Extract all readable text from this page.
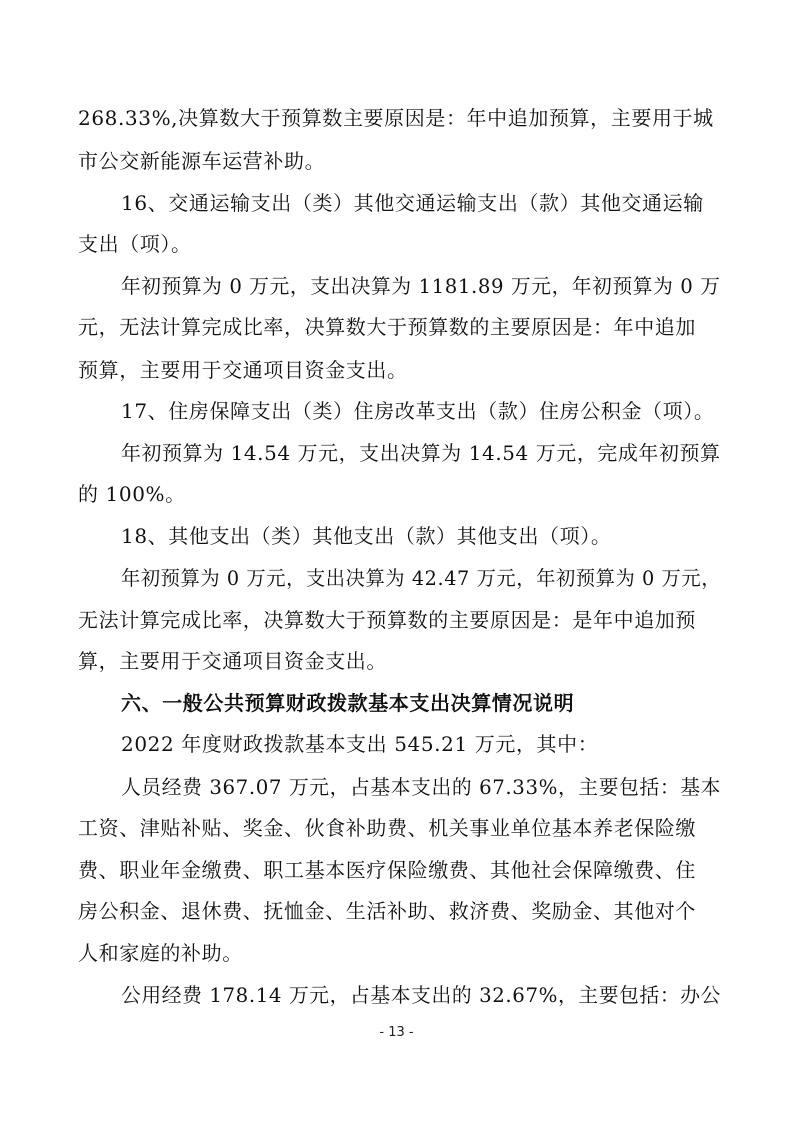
268.33%,决算数大于预算数主要原因是：年中追加预算，主要用于城
市公交新能源车运营补助。
16、交通运输支出（类）其他交通运输支出（款）其他交通运输
支出（项）。
年初预算为 0 万元，支出决算为 1181.89 万元，年初预算为 0 万
元，无法计算完成比率，决算数大于预算数的主要原因是：年中追加
预算，主要用于交通项目资金支出。
17、住房保障支出（类）住房改革支出（款）住房公积金（项）。
年初预算为 14.54 万元，支出决算为 14.54 万元，完成年初预算
的 100%。
18、其他支出（类）其他支出（款）其他支出（项）。
年初预算为 0 万元，支出决算为 42.47 万元，年初预算为 0 万元，
无法计算完成比率，决算数大于预算数的主要原因是：是年中追加预
算，主要用于交通项目资金支出。
六、一般公共预算财政拨款基本支出决算情况说明
2022 年度财政拨款基本支出 545.21 万元，其中：
人员经费 367.07 万元，占基本支出的 67.33%，主要包括：基本
工资、津贴补贴、奖金、伙食补助费、机关事业单位基本养老保险缴
费、职业年金缴费、职工基本医疗保险缴费、其他社会保障缴费、住
房公积金、退休费、抚恤金、生活补助、救济费、奖励金、其他对个
人和家庭的补助。
公用经费 178.14 万元，占基本支出的 32.67%，主要包括：办公
- 13 -
